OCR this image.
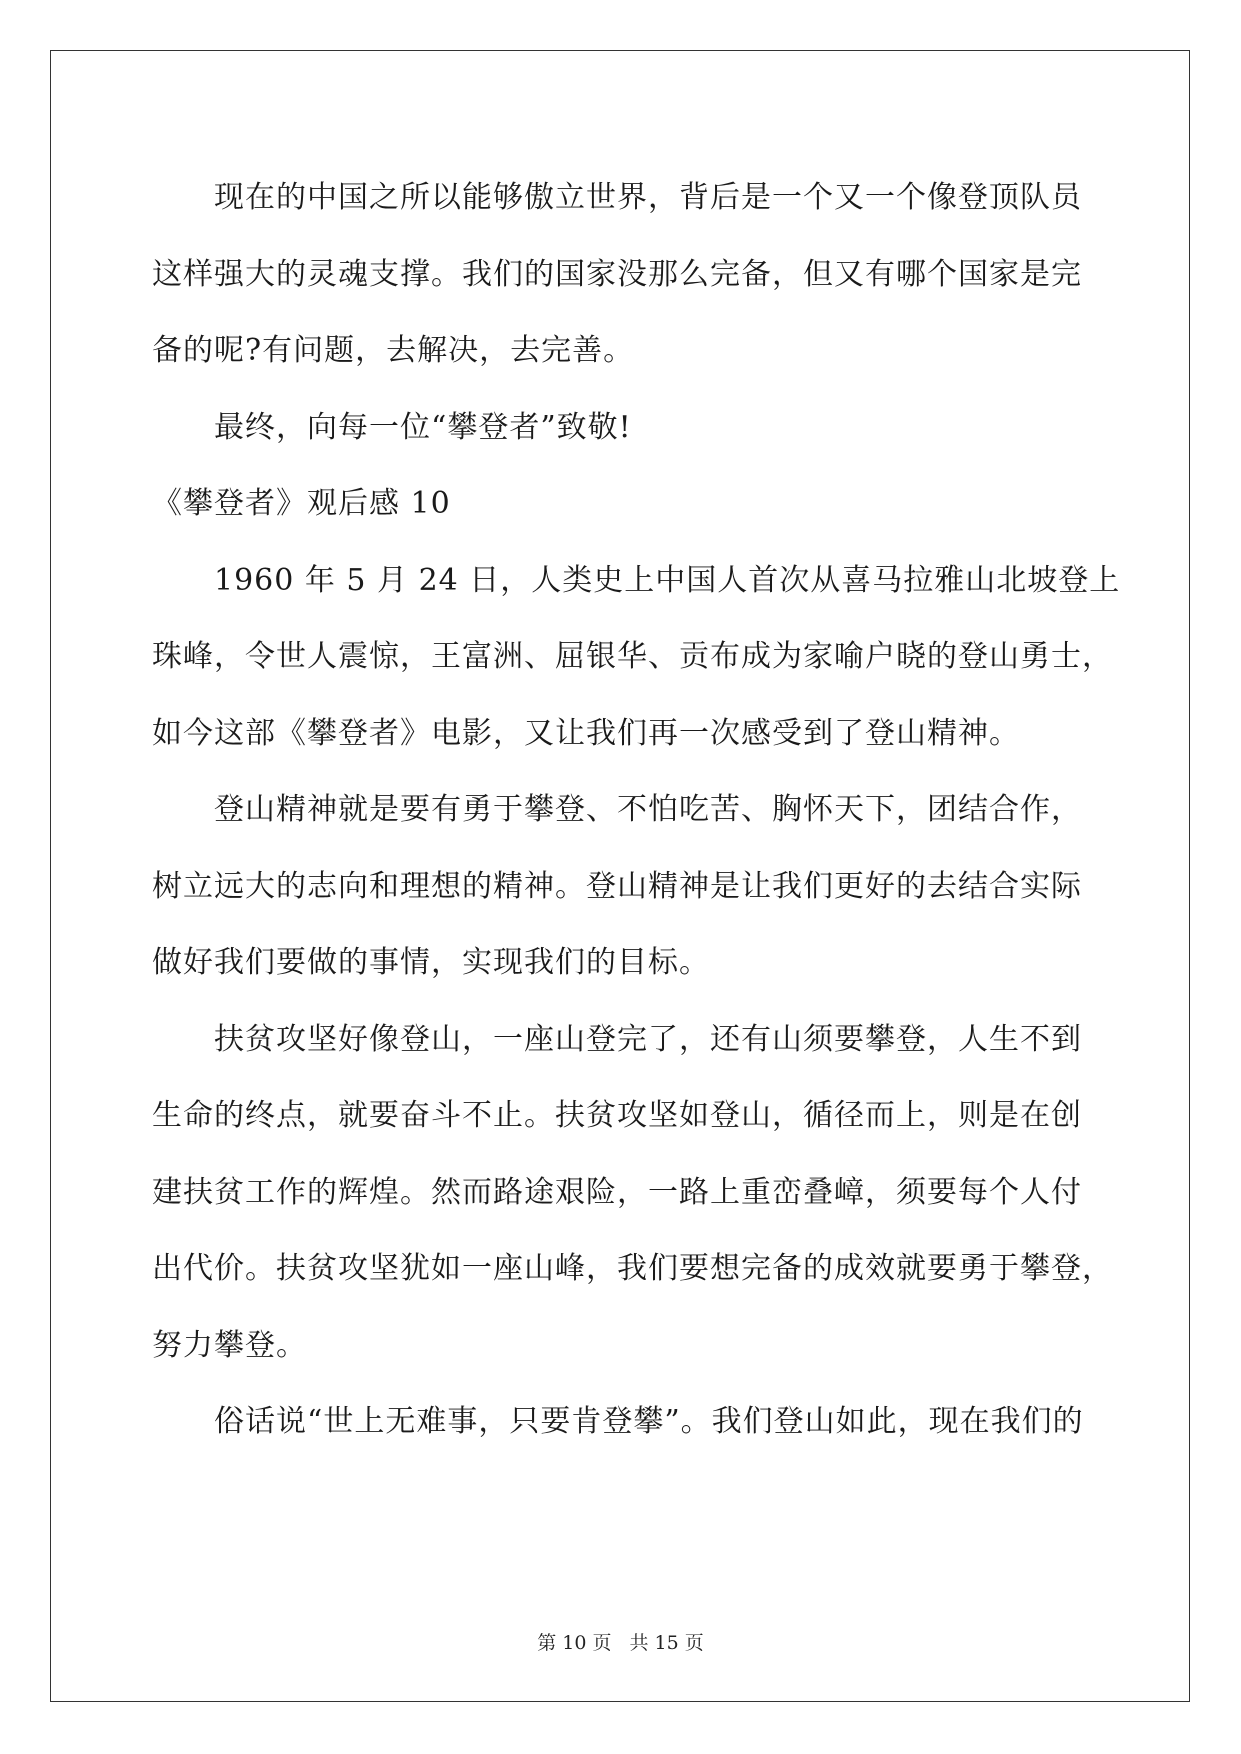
现在的中国之所以能够傲立世界，背后是一个又一个像登顶队员
这样强大的灵魂支撑。我们的国家没那么完备，但又有哪个国家是完
备的呢?有问题，去解决，去完善。
最终，向每一位“攀登者”致敬!
《攀登者》观后感 10
1960 年 5 月 24 日，人类史上中国人首次从喜马拉雅山北坡登上
珠峰，令世人震惊，王富洲、屈银华、贡布成为家喻户晓的登山勇士，
如今这部《攀登者》电影，又让我们再一次感受到了登山精神。
登山精神就是要有勇于攀登、不怕吃苦、胸怀天下，团结合作，
树立远大的志向和理想的精神。登山精神是让我们更好的去结合实际
做好我们要做的事情，实现我们的目标。
扶贫攻坚好像登山，一座山登完了，还有山须要攀登，人生不到
生命的终点，就要奋斗不止。扶贫攻坚如登山，循径而上，则是在创
建扶贫工作的辉煌。然而路途艰险，一路上重峦叠嶂，须要每个人付
出代价。扶贫攻坚犹如一座山峰，我们要想完备的成效就要勇于攀登，
努力攀登。
俗话说“世上无难事，只要肯登攀”。我们登山如此，现在我们的
第 10 页 共 15 页
